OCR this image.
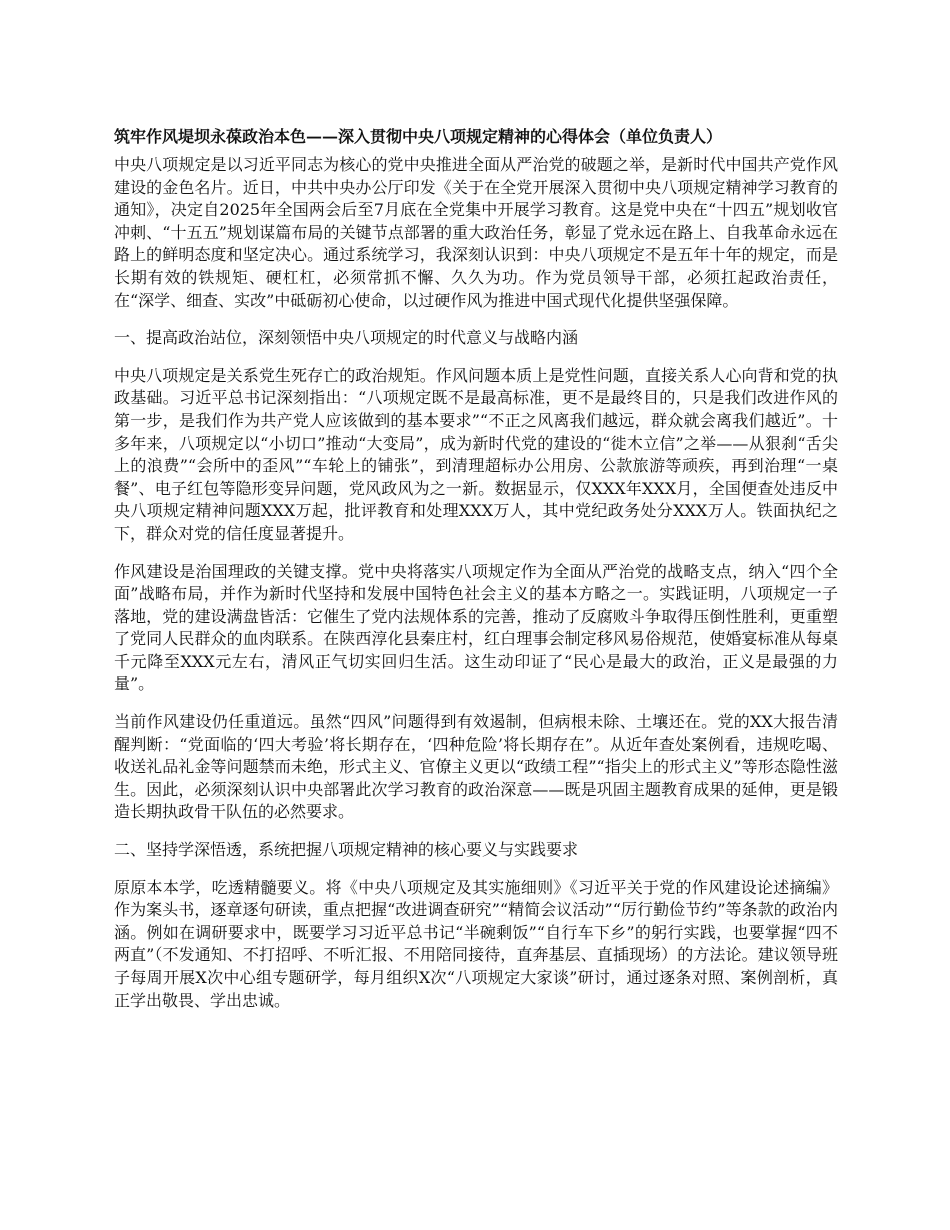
筑牢作风堤坝永葆政治本色——深入贯彻中央八项规定精神的心得体会（单位负责人）

中央八项规定是以习近平同志为核心的党中央推进全面从严治党的破题之举，是新时代中国共产党作风建设的金色名片。近日，中共中央办公厅印发《关于在全党开展深入贯彻中央八项规定精神学习教育的通知》，决定自2025年全国两会后至7月底在全党集中开展学习教育。这是党中央在“十四五”规划收官冲刺、“十五五”规划谋篇布局的关键节点部署的重大政治任务，彰显了党永远在路上、自我革命永远在路上的鲜明态度和坚定决心。通过系统学习，我深刻认识到：中央八项规定不是五年十年的规定，而是长期有效的铁规矩、硬杠杠，必须常抓不懈、久久为功。作为党员领导干部，必须扛起政治责任，在“深学、细查、实改”中砥砺初心使命，以过硬作风为推进中国式现代化提供坚强保障。

一、提高政治站位，深刻领悟中央八项规定的时代意义与战略内涵

中央八项规定是关系党生死存亡的政治规矩。作风问题本质上是党性问题，直接关系人心向背和党的执政基础。习近平总书记深刻指出：“八项规定既不是最高标准，更不是最终目的，只是我们改进作风的第一步，是我们作为共产党人应该做到的基本要求”“不正之风离我们越远，群众就会离我们越近”。十多年来，八项规定以“小切口”推动“大变局”，成为新时代党的建设的“徙木立信”之举——从狠刹“舌尖上的浪费”“会所中的歪风”“车轮上的铺张”，到清理超标办公用房、公款旅游等顽疾，再到治理“一桌餐”、电子红包等隐形变异问题，党风政风为之一新。数据显示，仅XXX年XXX月，全国便查处违反中央八项规定精神问题XXX万起，批评教育和处理XXX万人，其中党纪政务处分XXX万人。铁面执纪之下，群众对党的信任度显著提升。

作风建设是治国理政的关键支撑。党中央将落实八项规定作为全面从严治党的战略支点，纳入“四个全面”战略布局，并作为新时代坚持和发展中国特色社会主义的基本方略之一。实践证明，八项规定一子落地，党的建设满盘皆活：它催生了党内法规体系的完善，推动了反腐败斗争取得压倒性胜利，更重塑了党同人民群众的血肉联系。在陕西淳化县秦庄村，红白理事会制定移风易俗规范，使婚宴标准从每桌千元降至XXX元左右，清风正气切实回归生活。这生动印证了“民心是最大的政治，正义是最强的力量”。

当前作风建设仍任重道远。虽然“四风”问题得到有效遏制，但病根未除、土壤还在。党的XX大报告清醒判断：“党面临的‘四大考验’将长期存在，‘四种危险’将长期存在”。从近年查处案例看，违规吃喝、收送礼品礼金等问题禁而未绝，形式主义、官僚主义更以“政绩工程”“指尖上的形式主义”等形态隐性滋生。因此，必须深刻认识中央部署此次学习教育的政治深意——既是巩固主题教育成果的延伸，更是锻造长期执政骨干队伍的必然要求。

二、坚持学深悟透，系统把握八项规定精神的核心要义与实践要求

原原本本学，吃透精髓要义。将《中央八项规定及其实施细则》《习近平关于党的作风建设论述摘编》作为案头书，逐章逐句研读，重点把握“改进调查研究”“精简会议活动”“厉行勤俭节约”等条款的政治内涵。例如在调研要求中，既要学习习近平总书记“半碗剩饭”“自行车下乡”的躬行实践，也要掌握“四不两直”（不发通知、不打招呼、不听汇报、不用陪同接待，直奔基层、直插现场）的方法论。建议领导班子每周开展X次中心组专题研学，每月组织X次“八项规定大家谈”研讨，通过逐条对照、案例剖析，真正学出敬畏、学出忠诚。
